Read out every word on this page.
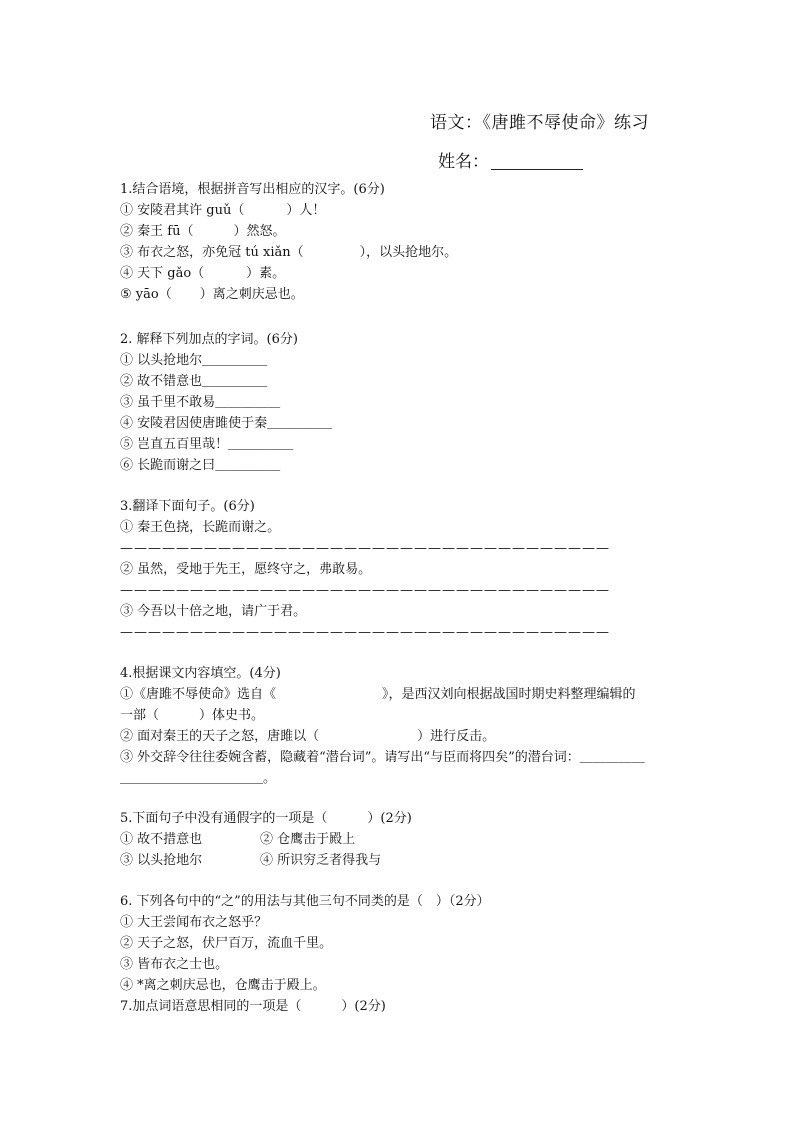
语文：《唐雎不辱使命》练习
姓名：
1.结合语境，根据拼音写出相应的汉字。(6分)
① 安陵君其许 guǔ（	）人！
② 秦王 fū（	）然怒。
③ 布衣之怒，亦免冠 tú xiǎn（	），以头抢地尔。
④ 天下 gǎo（	）素。
⑤ yāo（ ）离之刺庆忌也。
2. 解释下列加点的字词。(6分)
① 以头抢地尔＿＿＿＿＿
② 故不错意也＿＿＿＿＿
③ 虽千里不敢易＿＿＿＿＿
④ 安陵君因使唐雎使于秦＿＿＿＿＿
⑤ 岂直五百里哉！＿＿＿＿＿
⑥ 长跪而谢之曰＿＿＿＿＿
3.翻译下面句子。(6分)
① 秦王色挠，长跪而谢之。
———————————————————————————————————
② 虽然，受地于先王，愿终守之，弗敢易。
———————————————————————————————————
③ 今吾以十倍之地，请广于君。
———————————————————————————————————
4.根据课文内容填空。(4分)
①《唐雎不辱使命》选自《	》，是西汉刘向根据战国时期史料整理编辑的
一部（	）体史书。
② 面对秦王的天子之怒，唐雎以（	）进行反击。
③ 外交辞令往往委婉含蓄，隐藏着“潜台词”。请写出“与臣而将四矣”的潜台词：＿＿＿＿＿
＿＿＿＿＿＿＿＿＿＿＿。
5.下面句子中没有通假字的一项是（	）(2分)
① 故不措意也	② 仓鹰击于殿上
③ 以头抢地尔	④ 所识穷乏者得我与
6. 下列各句中的“之”的用法与其他三句不同类的是（　）（2分）
① 大王尝闻布衣之怒乎？
② 天子之怒，伏尸百万，流血千里。
③ 皆布衣之士也。
④ *离之刺庆忌也，仓鹰击于殿上。
7.加点词语意思相同的一项是（	）(2分)
